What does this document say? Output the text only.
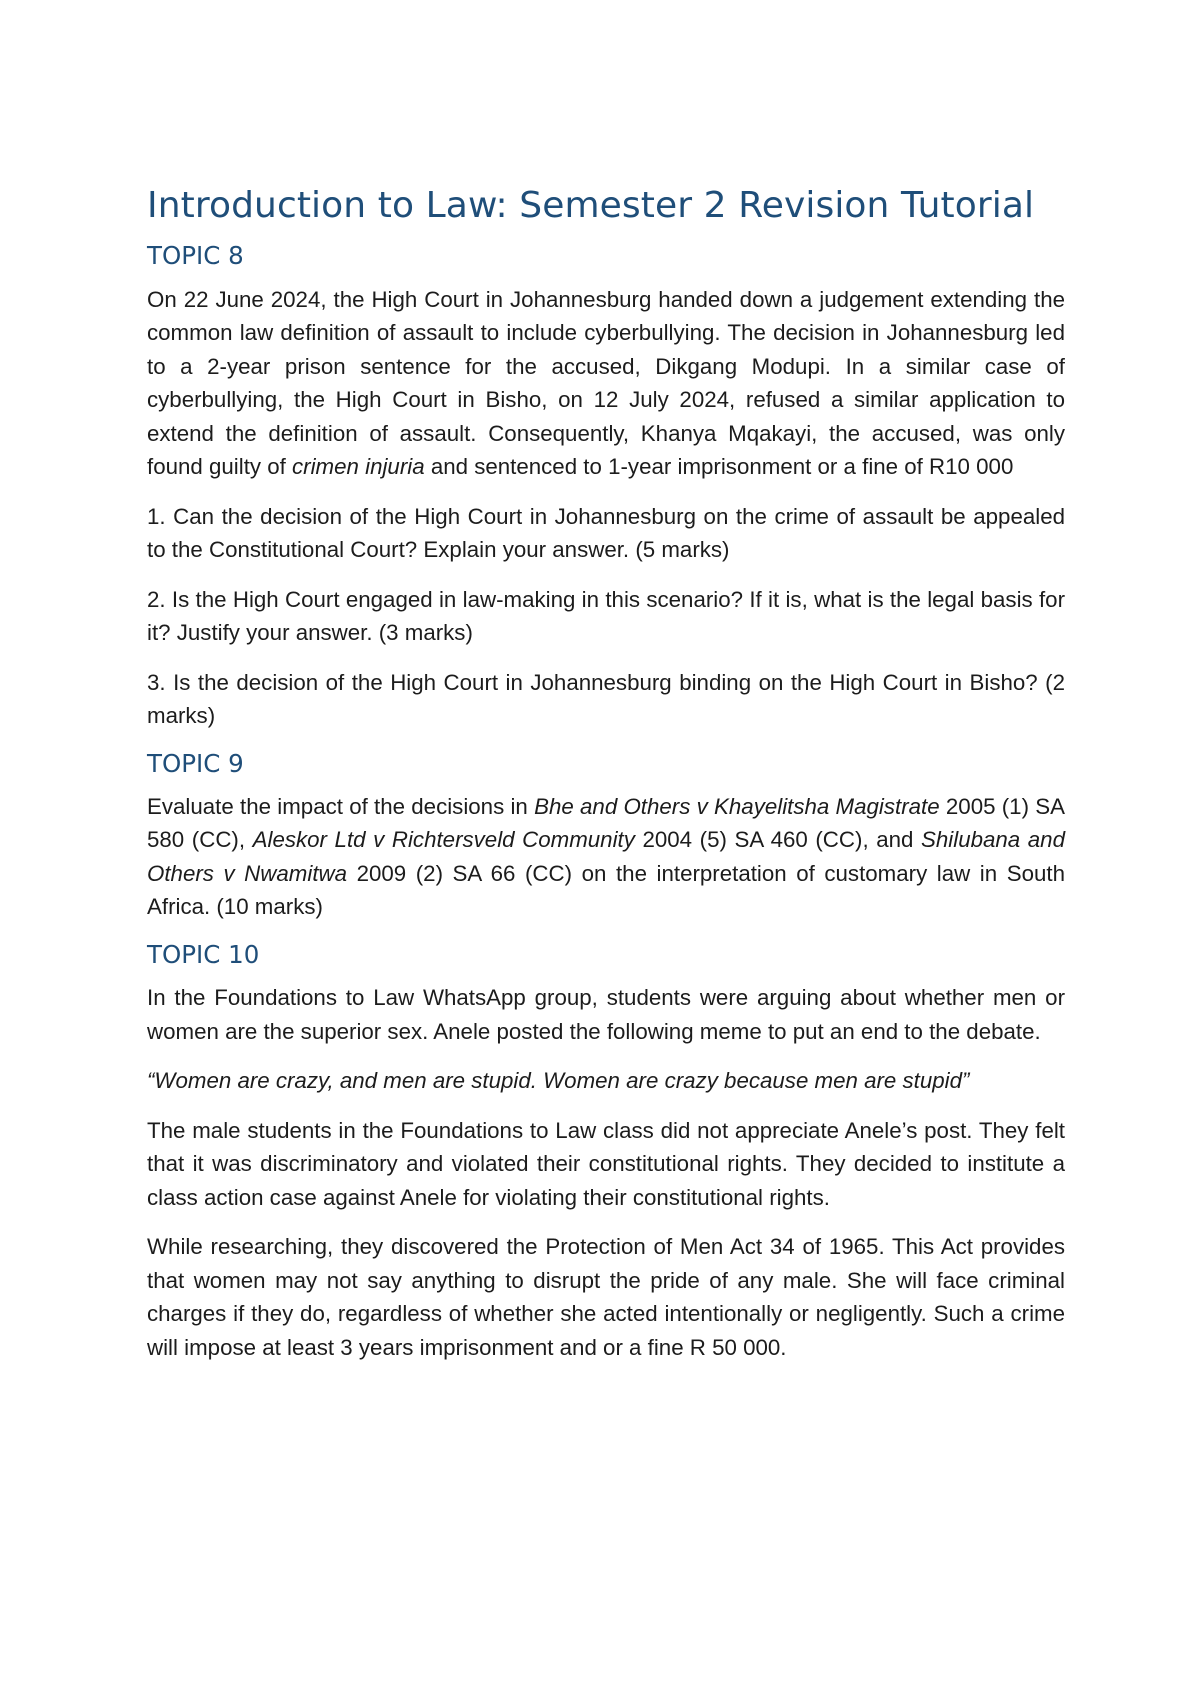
Introduction to Law: Semester 2 Revision Tutorial
TOPIC 8

On 22 June 2024, the High Court in Johannesburg handed down a judgement extending the common law definition of assault to include cyberbullying. The decision in Johannesburg led to a 2-year prison sentence for the accused, Dikgang Modupi. In a similar case of cyberbullying, the High Court in Bisho, on 12 July 2024, refused a similar application to extend the definition of assault. Consequently, Khanya Mqakayi, the accused, was only found guilty of crimen injuria and sentenced to 1-year imprisonment or a fine of R10 000

1. Can the decision of the High Court in Johannesburg on the crime of assault be appealed to the Constitutional Court? Explain your answer. (5 marks)

2. Is the High Court engaged in law-making in this scenario? If it is, what is the legal basis for it? Justify your answer. (3 marks)

3. Is the decision of the High Court in Johannesburg binding on the High Court in Bisho? (2 marks)

TOPIC 9

Evaluate the impact of the decisions in Bhe and Others v Khayelitsha Magistrate 2005 (1) SA 580 (CC), Aleskor Ltd v Richtersveld Community 2004 (5) SA 460 (CC), and Shilubana and Others v Nwamitwa 2009 (2) SA 66 (CC) on the interpretation of customary law in South Africa. (10 marks)

TOPIC 10

In the Foundations to Law WhatsApp group, students were arguing about whether men or women are the superior sex. Anele posted the following meme to put an end to the debate.

“Women are crazy, and men are stupid. Women are crazy because men are stupid”

The male students in the Foundations to Law class did not appreciate Anele’s post. They felt that it was discriminatory and violated their constitutional rights. They decided to institute a class action case against Anele for violating their constitutional rights.

While researching, they discovered the Protection of Men Act 34 of 1965. This Act provides that women may not say anything to disrupt the pride of any male. She will face criminal charges if they do, regardless of whether she acted intentionally or negligently. Such a crime will impose at least 3 years imprisonment and or a fine R 50 000.
